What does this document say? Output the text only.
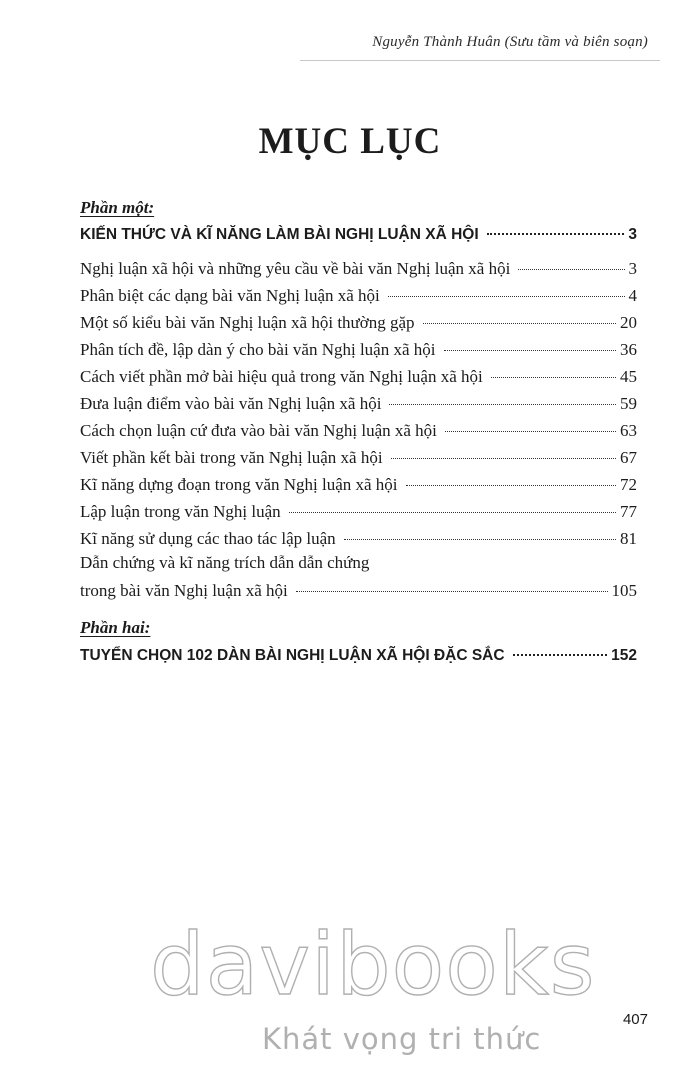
Nguyễn Thành Huân (Sưu tầm và biên soạn)
MỤC LỤC
Phần một:
KIẾN THỨC VÀ KĨ NĂNG LÀM BÀI NGHỊ LUẬN XÃ HỘI	3
Nghị luận xã hội và những yêu cầu về bài văn Nghị luận xã hội	3
Phân biệt các dạng bài văn Nghị luận xã hội	4
Một số kiểu bài văn Nghị luận xã hội thường gặp	20
Phân tích đề, lập dàn ý cho bài văn Nghị luận xã hội	36
Cách viết phần mở bài hiệu quả trong văn Nghị luận xã hội	45
Đưa luận điểm vào bài văn Nghị luận xã hội	59
Cách chọn luận cứ đưa vào bài văn Nghị luận xã hội	63
Viết phần kết bài trong văn Nghị luận xã hội	67
Kĩ năng dựng đoạn trong văn Nghị luận xã hội	72
Lập luận trong văn Nghị luận	77
Kĩ năng sử dụng các thao tác lập luận	81
Dẫn chứng và kĩ năng trích dẫn dẫn chứng
trong bài văn Nghị luận xã hội	105
Phần hai:
TUYỂN CHỌN 102 DÀN BÀI NGHỊ LUẬN XÃ HỘI ĐẶC SẮC	152
davibooks
Khát vọng tri thức
407
